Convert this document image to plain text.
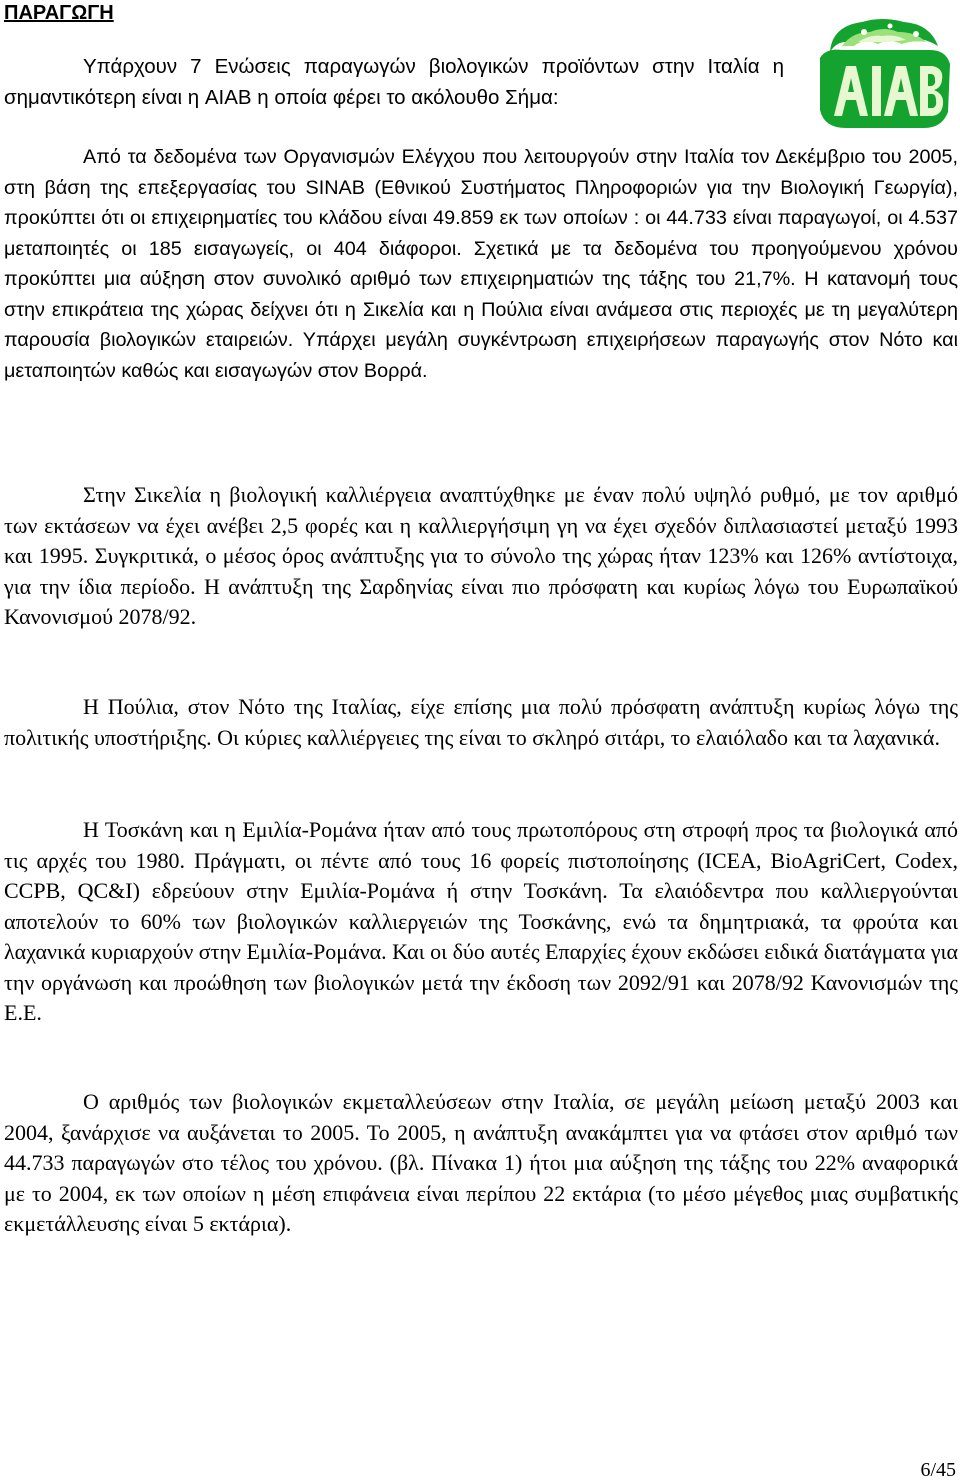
ΠΑΡΑΓΩΓΗ

Υπάρχουν 7 Ενώσεις παραγωγών βιολογικών προϊόντων στην Ιταλία η σημαντικότερη είναι η AIAB η οποία φέρει το ακόλουθο Σήμα:

Από τα δεδομένα των Οργανισμών Ελέγχου που λειτουργούν στην Ιταλία τον Δεκέμβριο του 2005, στη βάση της επεξεργασίας του SINAB (Εθνικού Συστήματος Πληροφοριών για την Βιολογική Γεωργία), προκύπτει ότι οι επιχειρηματίες του κλάδου είναι 49.859 εκ των οποίων : οι 44.733 είναι παραγωγοί, οι 4.537 μεταποιητές οι 185 εισαγωγείς, οι 404 διάφοροι. Σχετικά με τα δεδομένα του προηγούμενου χρόνου προκύπτει μια αύξηση στον συνολικό αριθμό των επιχειρηματιών της τάξης του 21,7%. Η κατανομή τους στην επικράτεια της χώρας δείχνει ότι η Σικελία και η Πούλια είναι ανάμεσα στις περιοχές με τη μεγαλύτερη παρουσία βιολογικών εταιρειών. Υπάρχει μεγάλη συγκέντρωση επιχειρήσεων παραγωγής στον Νότο και μεταποιητών καθώς και εισαγωγών στον Βορρά.

Στην Σικελία η βιολογική καλλιέργεια αναπτύχθηκε με έναν πολύ υψηλό ρυθμό, με τον αριθμό των εκτάσεων να έχει ανέβει 2,5 φορές και η καλλιεργήσιμη γη να έχει σχεδόν διπλασιαστεί μεταξύ 1993 και 1995. Συγκριτικά, ο μέσος όρος ανάπτυξης για το σύνολο της χώρας ήταν 123% και 126% αντίστοιχα, για την ίδια περίοδο. Η ανάπτυξη της Σαρδηνίας είναι πιο πρόσφατη και κυρίως λόγω του Ευρωπαϊκού Κανονισμού 2078/92.

Η Πούλια, στον Νότο της Ιταλίας, είχε επίσης μια πολύ πρόσφατη ανάπτυξη κυρίως λόγω της πολιτικής υποστήριξης. Οι κύριες καλλιέργειες της είναι το σκληρό σιτάρι, το ελαιόλαδο και τα λαχανικά.

Η Τοσκάνη και η Εμιλία-Ρομάνα ήταν από τους πρωτοπόρους στη στροφή προς τα βιολογικά από τις αρχές του 1980. Πράγματι, οι πέντε από τους 16 φορείς πιστοποίησης (ICEA, BioAgriCert, Codex, CCPB, QC&I) εδρεύουν στην Εμιλία-Ρομάνα ή στην Τοσκάνη. Τα ελαιόδεντρα που καλλιεργούνται αποτελούν το 60% των βιολογικών καλλιεργειών της Τοσκάνης, ενώ τα δημητριακά, τα φρούτα και λαχανικά κυριαρχούν στην Εμιλία-Ρομάνα. Και οι δύο αυτές Επαρχίες έχουν εκδώσει ειδικά διατάγματα για την οργάνωση και προώθηση των βιολογικών μετά την έκδοση των 2092/91 και 2078/92 Κανονισμών της Ε.Ε.

Ο αριθμός των βιολογικών εκμεταλλεύσεων στην Ιταλία, σε μεγάλη μείωση μεταξύ 2003 και 2004, ξανάρχισε να αυξάνεται το 2005. Το 2005, η ανάπτυξη ανακάμπτει για να φτάσει στον αριθμό των 44.733 παραγωγών στο τέλος του χρόνου. (βλ. Πίνακα 1) ήτοι μια αύξηση της τάξης του 22% αναφορικά με το 2004, εκ των οποίων η μέση επιφάνεια είναι περίπου 22 εκτάρια (το μέσο μέγεθος μιας συμβατικής εκμετάλλευσης είναι 5 εκτάρια).

6/45
